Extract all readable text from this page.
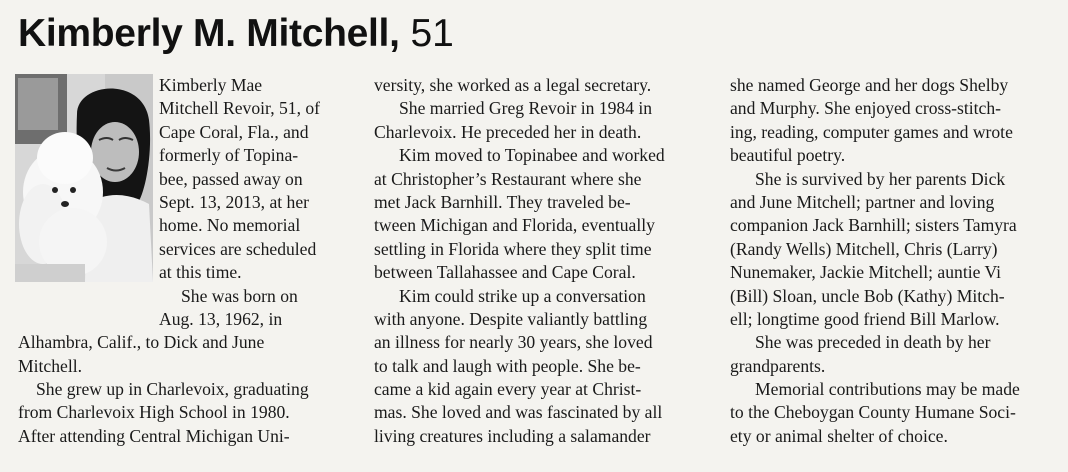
Kimberly M. Mitchell, 51
Kimberly Mae
Mitchell Revoir, 51, of
Cape Coral, Fla., and
formerly of Topina-
bee, passed away on
Sept. 13, 2013, at her
home. No memorial
services are scheduled
at this time.
She was born on
Aug. 13, 1962, in
Alhambra, Calif., to Dick and June
Mitchell.
She grew up in Charlevoix, graduating
from Charlevoix High School in 1980.
After attending Central Michigan Uni-
versity, she worked as a legal secretary.
She married Greg Revoir in 1984 in
Charlevoix. He preceded her in death.
Kim moved to Topinabee and worked
at Christopher’s Restaurant where she
met Jack Barnhill. They traveled be-
tween Michigan and Florida, eventually
settling in Florida where they split time
between Tallahassee and Cape Coral.
Kim could strike up a conversation
with anyone. Despite valiantly battling
an illness for nearly 30 years, she loved
to talk and laugh with people. She be-
came a kid again every year at Christ-
mas. She loved and was fascinated by all
living creatures including a salamander
she named George and her dogs Shelby
and Murphy. She enjoyed cross-stitch-
ing, reading, computer games and wrote
beautiful poetry.
She is survived by her parents Dick
and June Mitchell; partner and loving
companion Jack Barnhill; sisters Tamyra
(Randy Wells) Mitchell, Chris (Larry)
Nunemaker, Jackie Mitchell; auntie Vi
(Bill) Sloan, uncle Bob (Kathy) Mitch-
ell; longtime good friend Bill Marlow.
She was preceded in death by her
grandparents.
Memorial contributions may be made
to the Cheboygan County Humane Soci-
ety or animal shelter of choice.
